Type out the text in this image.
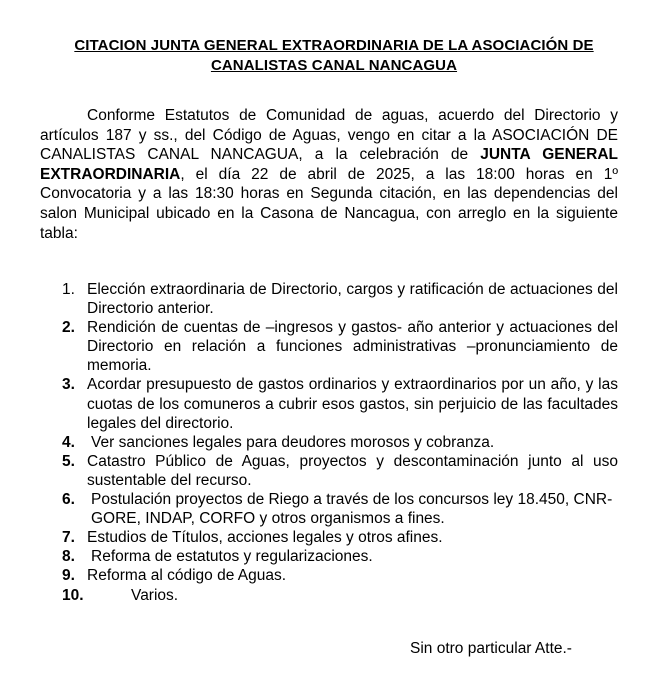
CITACION JUNTA GENERAL EXTRAORDINARIA DE LA ASOCIACIÓN DE
CANALISTAS CANAL NANCAGUA
Conforme Estatutos de Comunidad de aguas, acuerdo del Directorio y artículos 187 y ss., del Código de Aguas, vengo en citar a la ASOCIACIÓN DE CANALISTAS CANAL NANCAGUA, a la celebración de JUNTA GENERAL EXTRAORDINARIA, el día 22 de abril de 2025, a las 18:00 horas en 1º Convocatoria y a las 18:30 horas en Segunda citación, en las dependencias del salon Municipal ubicado en la Casona de Nancagua, con arreglo en la siguiente tabla:
1. Elección extraordinaria de Directorio, cargos y ratificación de actuaciones del Directorio anterior.
2. Rendición de cuentas de –ingresos y gastos- año anterior y actuaciones del Directorio en relación a funciones administrativas –pronunciamiento de memoria.
3. Acordar presupuesto de gastos ordinarios y extraordinarios por un año, y las cuotas de los comuneros a cubrir esos gastos, sin perjuicio de las facultades legales del directorio.
4.	Ver sanciones legales para deudores morosos y cobranza.
5. Catastro Público de Aguas, proyectos y descontaminación junto al uso sustentable del recurso.
6.	Postulación proyectos de Riego a través de los concursos ley 18.450, CNR-GORE, INDAP, CORFO y otros organismos a fines.
7. Estudios de Títulos, acciones legales y otros afines.
8.	Reforma de estatutos y regularizaciones.
9. Reforma al código de Aguas.
10.	Varios.
Sin otro particular Atte.-
